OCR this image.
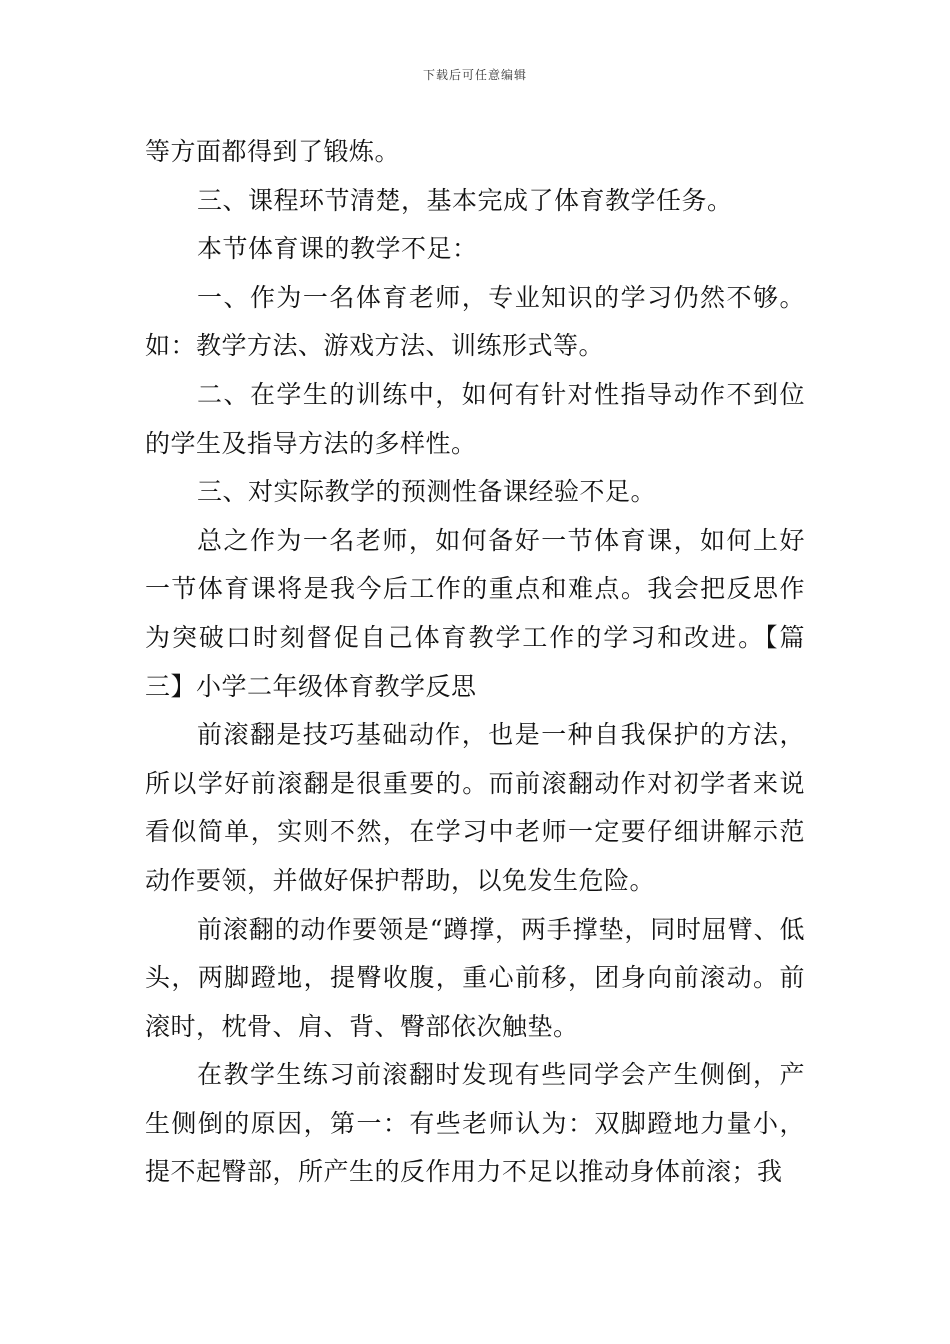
下载后可任意编辑

等方面都得到了锻炼。

三、课程环节清楚，基本完成了体育教学任务。

本节体育课的教学不足：

一、作为一名体育老师，专业知识的学习仍然不够。如：教学方法、游戏方法、训练形式等。

二、在学生的训练中，如何有针对性指导动作不到位的学生及指导方法的多样性。

三、对实际教学的预测性备课经验不足。

总之作为一名老师，如何备好一节体育课，如何上好一节体育课将是我今后工作的重点和难点。我会把反思作为突破口时刻督促自己体育教学工作的学习和改进。【篇三】小学二年级体育教学反思

前滚翻是技巧基础动作，也是一种自我保护的方法，所以学好前滚翻是很重要的。而前滚翻动作对初学者来说看似简单，实则不然，在学习中老师一定要仔细讲解示范动作要领，并做好保护帮助，以免发生危险。

前滚翻的动作要领是“蹲撑，两手撑垫，同时屈臂、低头，两脚蹬地，提臀收腹，重心前移，团身向前滚动。前滚时，枕骨、肩、背、臀部依次触垫。

在教学生练习前滚翻时发现有些同学会产生侧倒，产生侧倒的原因，第一：有些老师认为：双脚蹬地力量小，提不起臀部，所产生的反作用力不足以推动身体前滚；我
